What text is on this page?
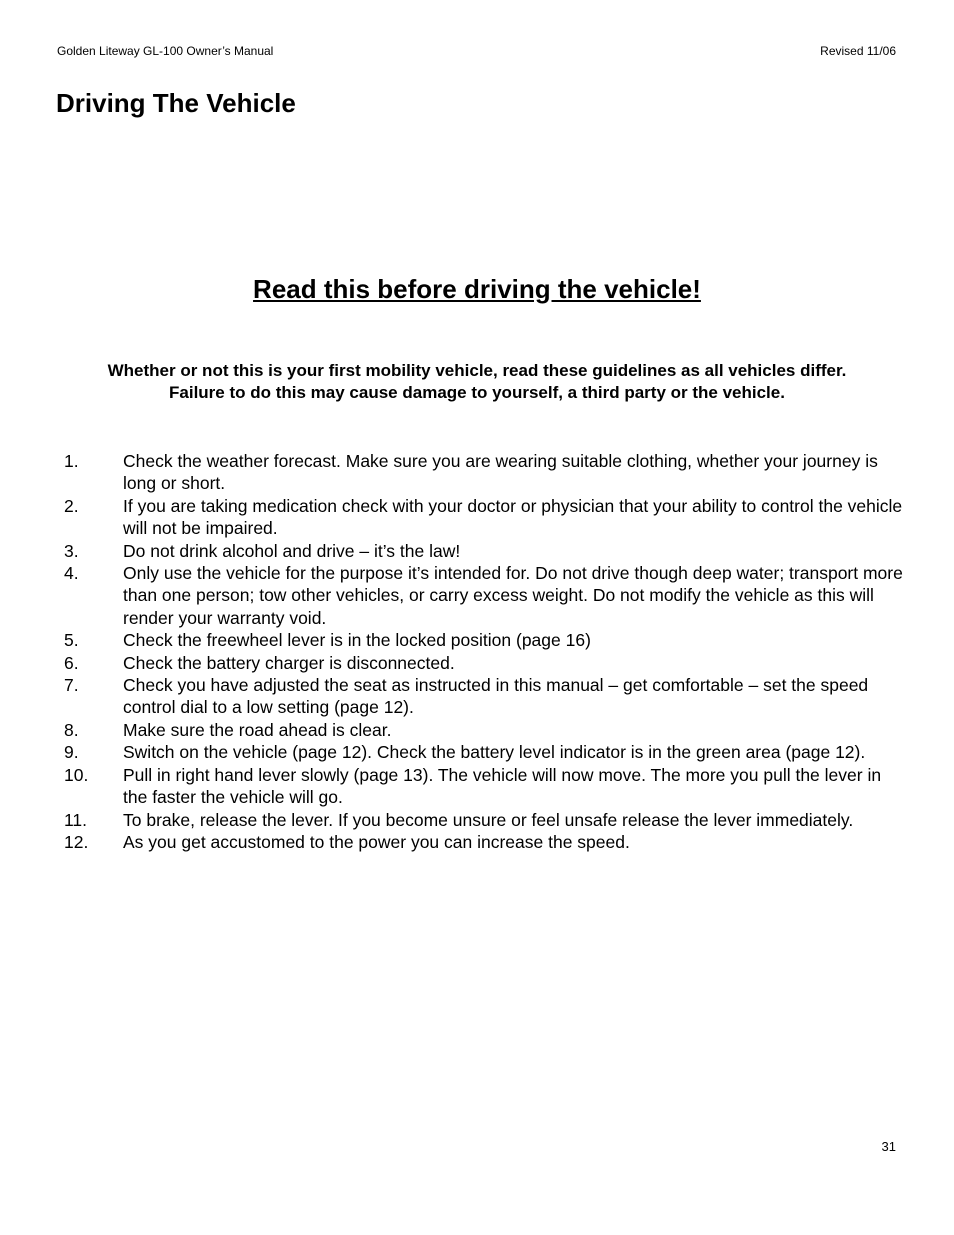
Golden Liteway GL-100 Owner’s Manual	Revised 11/06
Driving The Vehicle
Read this before driving the vehicle!
Whether or not this is your first mobility vehicle, read these guidelines as all vehicles differ.
Failure to do this may cause damage to yourself, a third party or the vehicle.
1.	Check the weather forecast. Make sure you are wearing suitable clothing, whether your journey is long or short.
2.	If you are taking medication check with your doctor or physician that your ability to control the vehicle will not be impaired.
3.	Do not drink alcohol and drive – it’s the law!
4.	Only use the vehicle for the purpose it’s intended for. Do not drive though deep water; transport more than one person; tow other vehicles, or carry excess weight. Do not modify the vehicle as this will render your warranty void.
5.	Check the freewheel lever is in the locked position (page 16)
6.	Check the battery charger is disconnected.
7.	Check you have adjusted the seat as instructed in this manual – get comfortable – set the speed control dial to a low setting (page 12).
8.	Make sure the road ahead is clear.
9.	Switch on the vehicle (page 12). Check the battery level indicator is in the green area (page 12).
10.	Pull in right hand lever slowly (page 13). The vehicle will now move. The more you pull the lever in the faster the vehicle will go.
11.	To brake, release the lever. If you become unsure or feel unsafe release the lever immediately.
12.	As you get accustomed to the power you can increase the speed.
31
